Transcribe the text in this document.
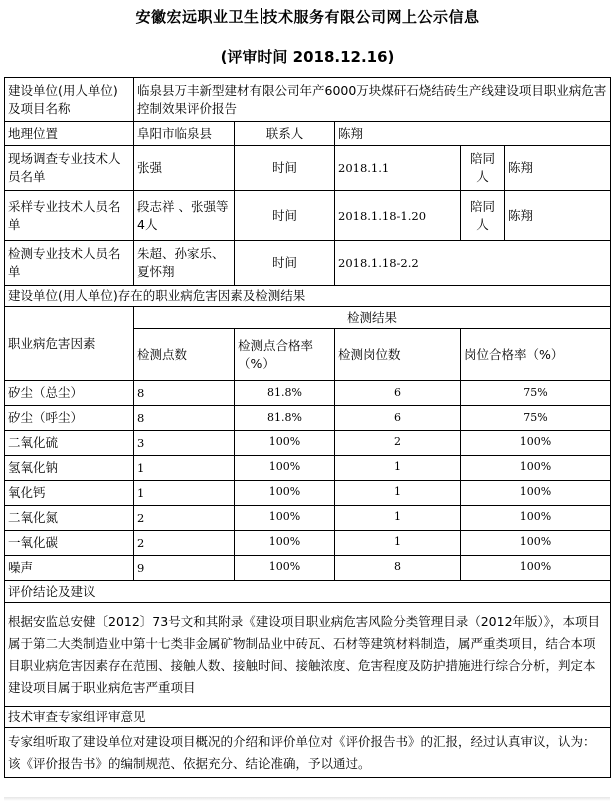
安徽宏远职业卫生 技术服务有限公司网上公示信息
(评审时间 2018.12.16)
建设单位(用人单位)及项目名称	临泉县万丰新型建材有限公司年产6000万块煤矸石烧结砖生产线建设项目职业病危害控制效果评价报告				
地理位置	阜阳市临泉县	联系人	陈翔		
现场调查专业技术人员名单	张强	时间	2018.1.1	陪同人	陈翔
采样专业技术人员名单	段志祥 、张强等4人	时间	2018.1.18-1.20	陪同人	陈翔
检测专业技术人员名单	朱超、孙家乐、夏怀翔	时间	2018.1.18-2.2		
建设单位(用人单位)存在的职业病危害因素及检测结果					
职业病危害因素	检测结果				
	检测点数	检测点合格率（%）	检测岗位数	岗位合格率（%）	
矽尘（总尘）	8	81.8%	6	75%	
矽尘（呼尘）	8	81.8%	6	75%	
二氧化硫	3	100%	2	100%	
氢氧化钠	1	100%	1	100%	
氧化钙	1	100%	1	100%	
二氧化氮	2	100%	1	100%	
一氧化碳	2	100%	1	100%	
噪声	9	100%	8	100%	
评价结论及建议					
根据安监总安健〔2012〕73号文和其附录《建设项目职业病危害风险分类管理目录（2012年版）》，本项目属于第二大类制造业中第十七类非金属矿物制品业中砖瓦、石材等建筑材料制造，属严重类项目，结合本项目职业病危害因素存在范围、接触人数、接触时间、接触浓度、危害程度及防护措施进行综合分析，判定本建设项目属于职业病危害严重项目					
技术审查专家组评审意见					
专家组听取了建设单位对建设项目概况的介绍和评价单位对《评价报告书》的汇报，经过认真审议，认为：该《评价报告书》的编制规范、依据充分、结论准确，予以通过。					
